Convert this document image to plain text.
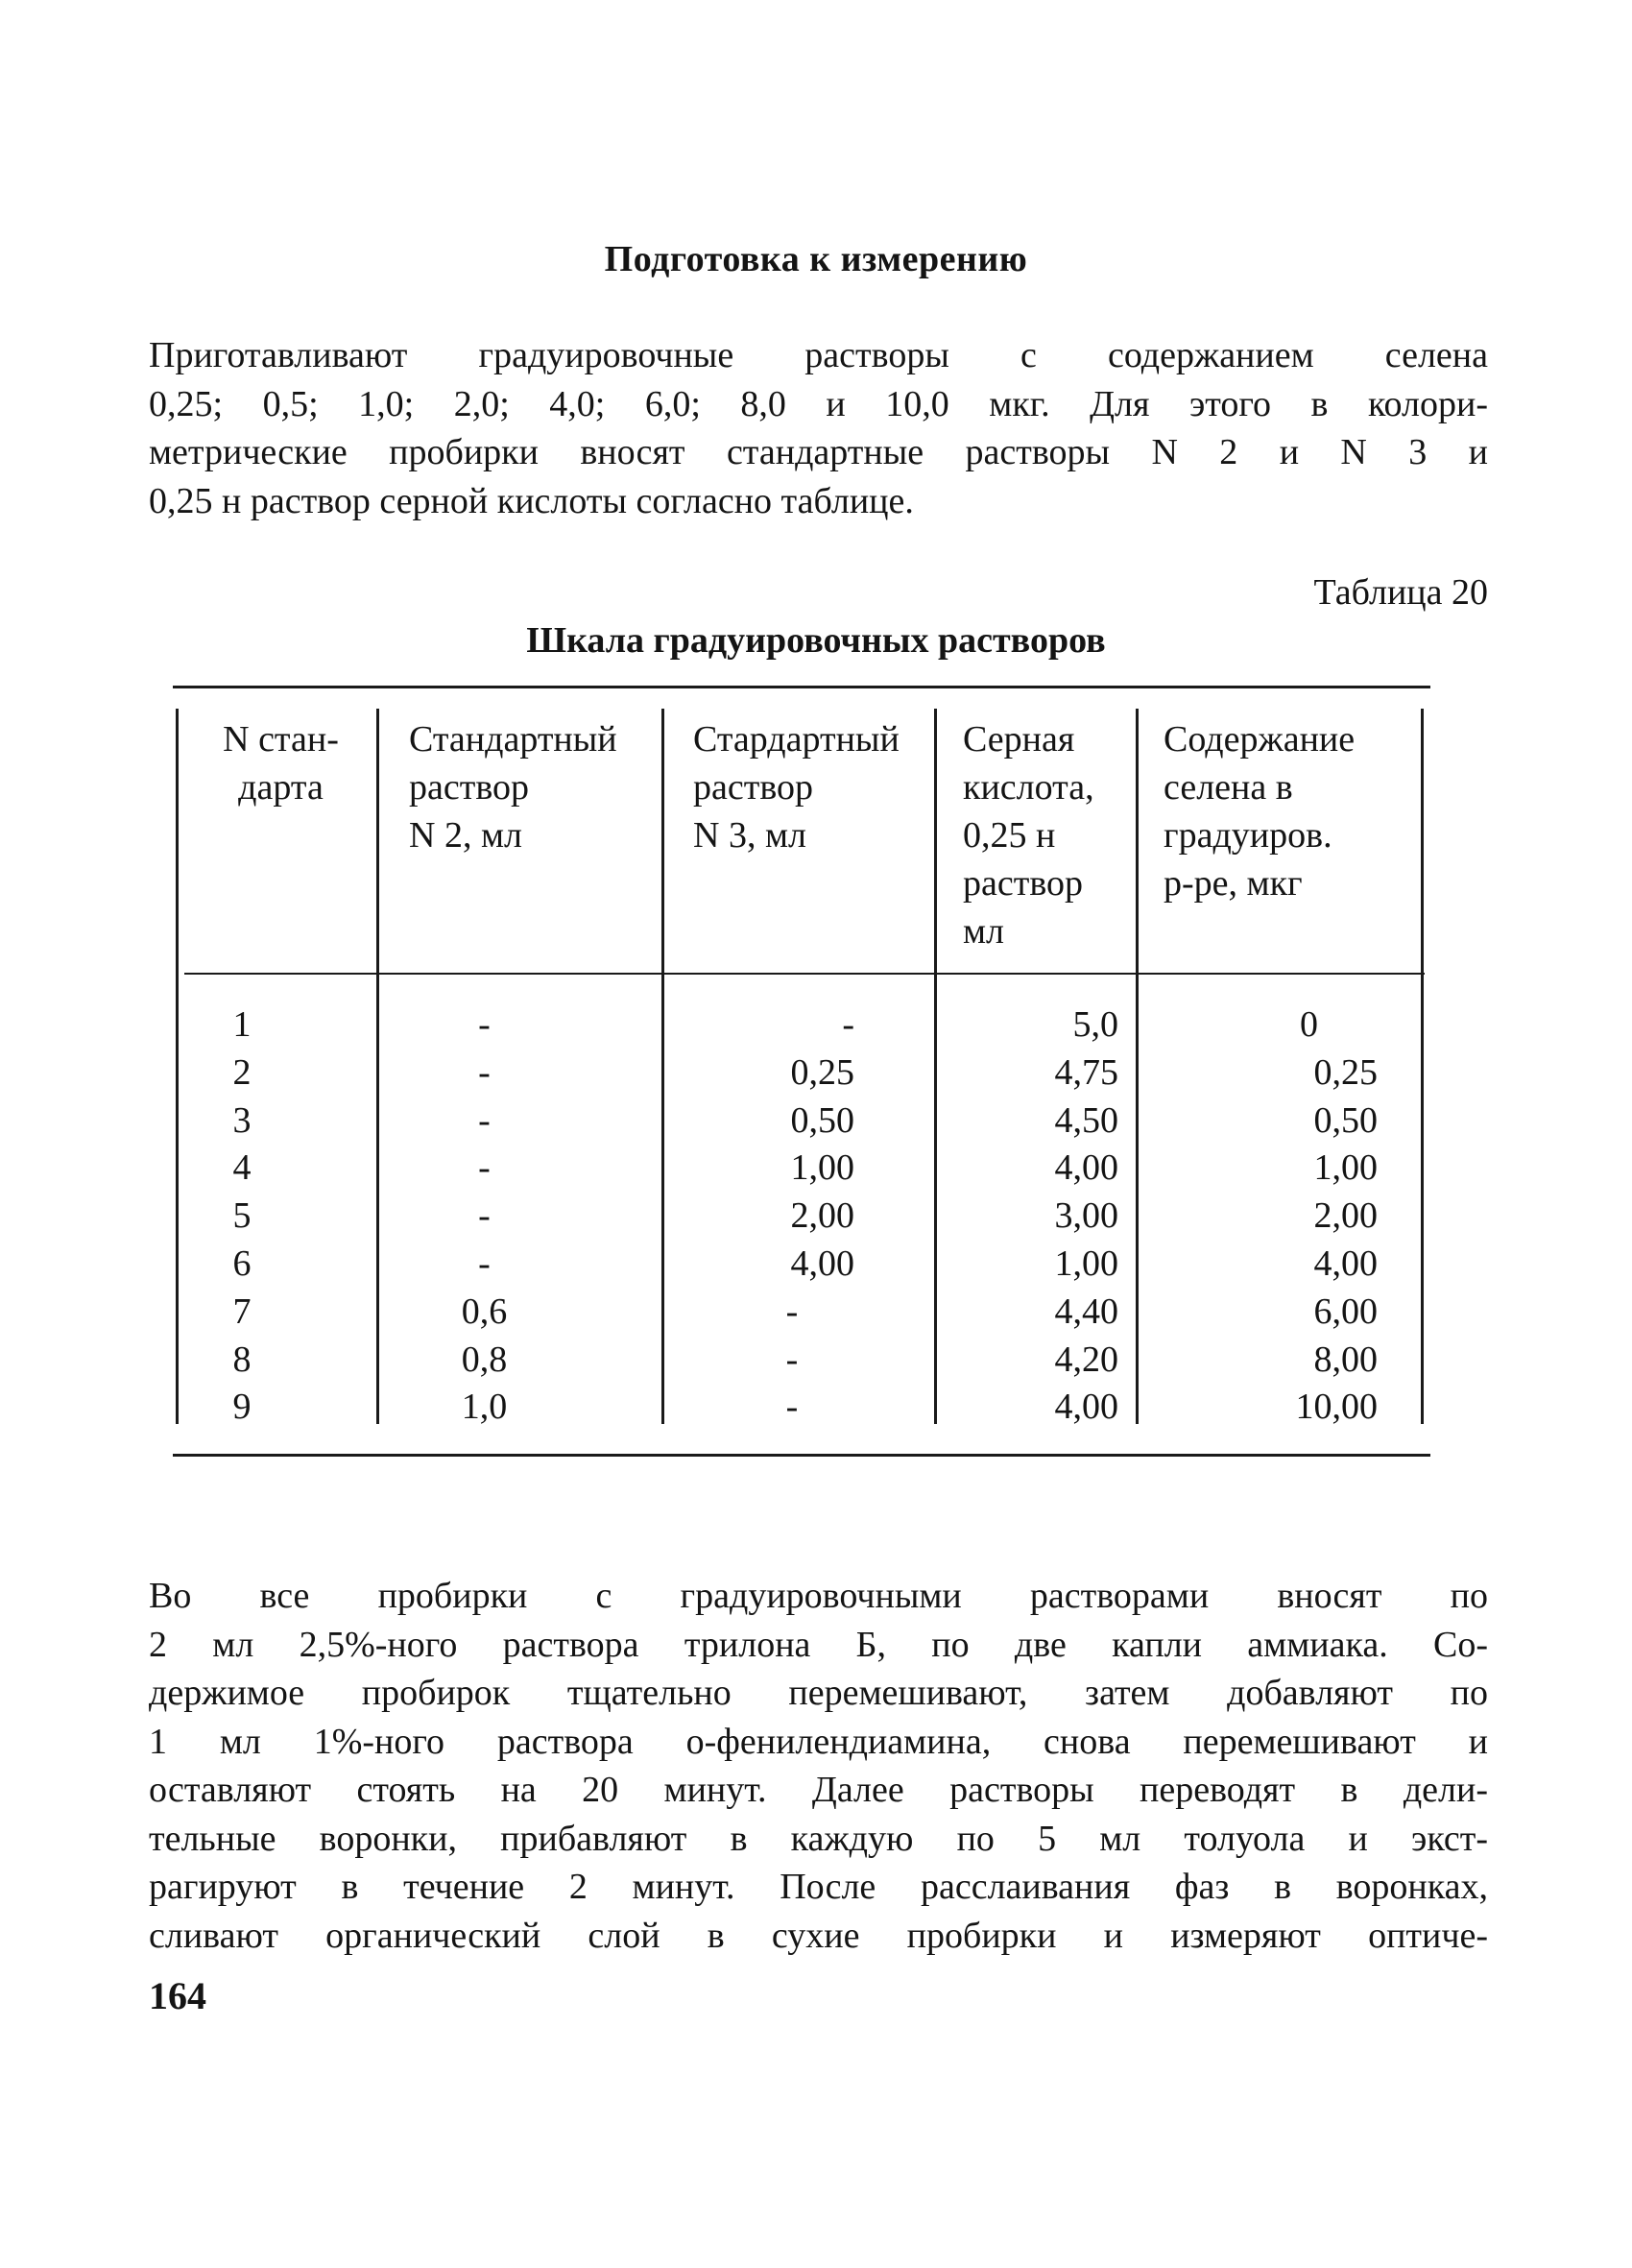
Подготовка к измерению
Приготавливают градуировочные растворы с содержанием селена
0,25; 0,5; 1,0; 2,0; 4,0; 6,0; 8,0 и 10,0 мкг. Для этого в колори-
метрические пробирки вносят стандартные растворы N 2 и N 3 и
0,25 н раствор серной кислоты согласно таблице.
Таблица 20
Шкала градуировочных растворов
N стан-
дарта
Стандартный
раствор
N 2, мл
Стардартный
раствор
N 3, мл
Серная
кислота,
0,25 н
раствор
мл
Содержание
селена в
градуиров.
р-ре, мкг
1
2
3
4
5
6
7
8
9
-
-
-
-
-
-
0,6
0,8
1,0
-
0,25
0,50
1,00
2,00
4,00
-
-
-
5,0
4,75
4,50
4,00
3,00
1,00
4,40
4,20
4,00
0
0,25
0,50
1,00
2,00
4,00
6,00
8,00
10,00
Во все пробирки с градуировочными растворами вносят по
2 мл 2,5%-ного раствора трилона Б, по две капли аммиака. Со-
держимое пробирок тщательно перемешивают, затем добавляют по
1 мл 1%-ного раствора о-фенилендиамина, снова перемешивают и
оставляют стоять на 20 минут. Далее растворы переводят в дели-
тельные воронки, прибавляют в каждую по 5 мл толуола и экст-
рагируют в течение 2 минут. После расслаивания фаз в воронках,
сливают органический слой в сухие пробирки и измеряют оптиче-
164
